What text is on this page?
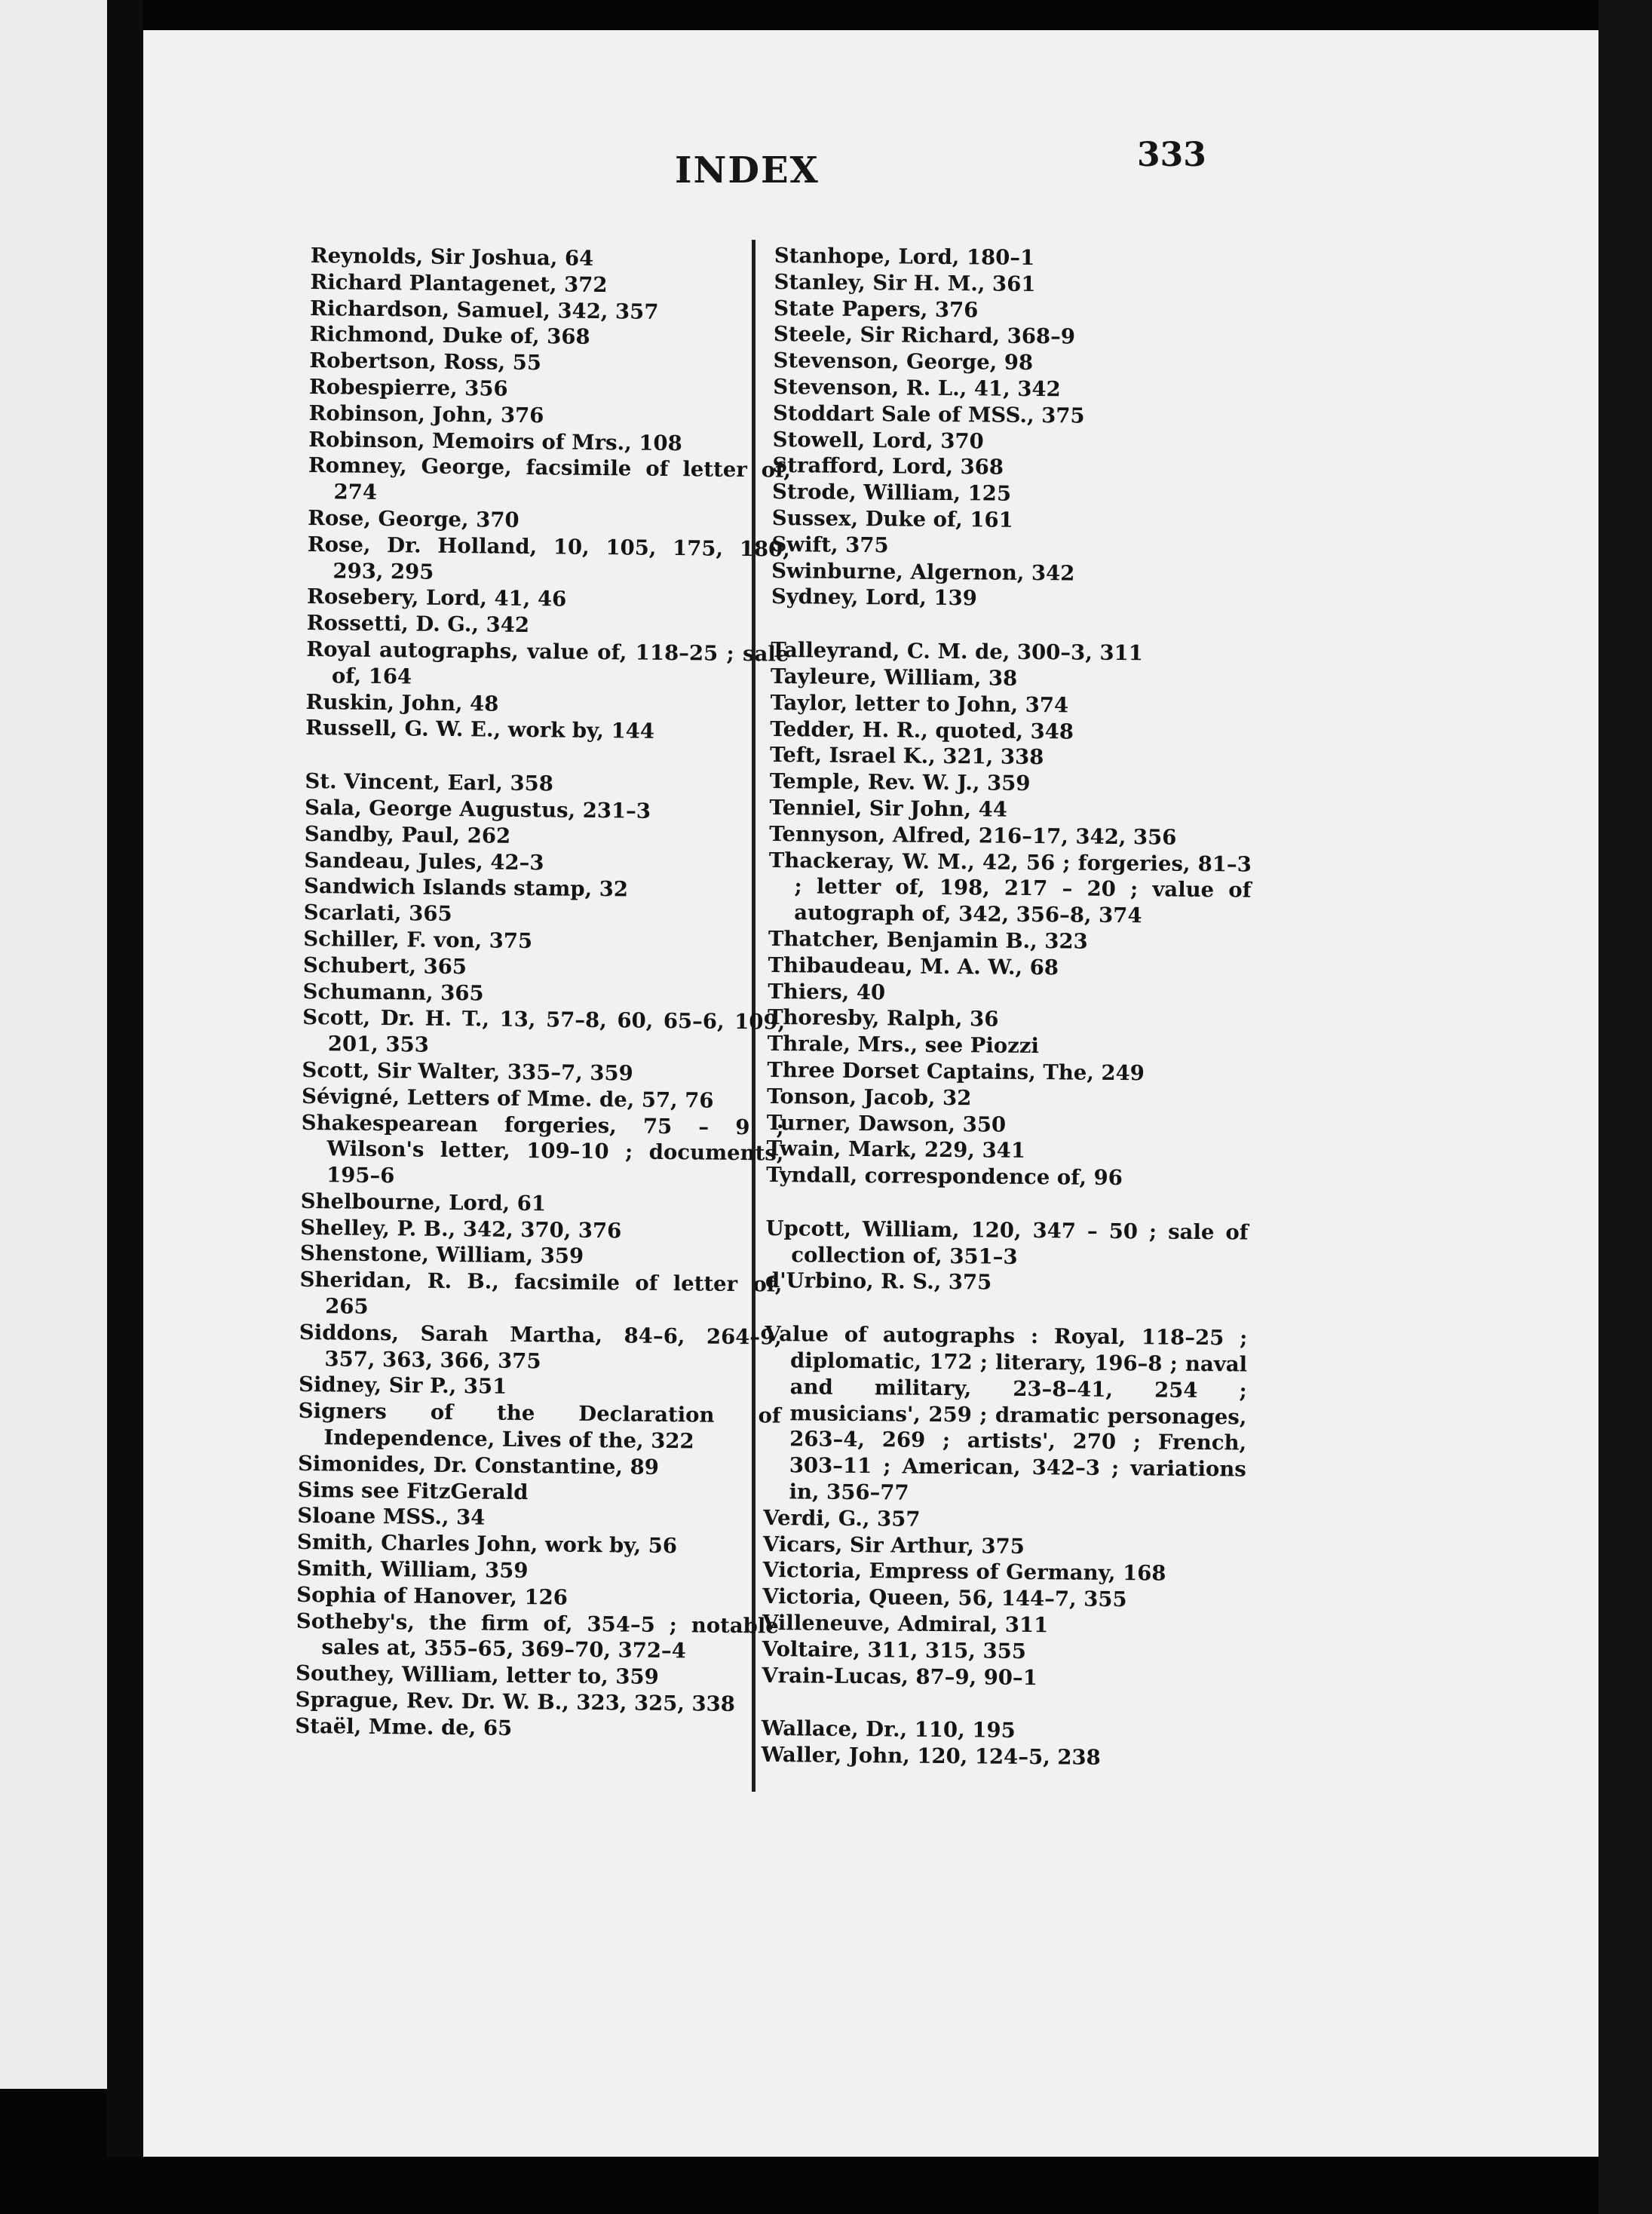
INDEX	333
Reynolds, Sir Joshua, 64
Richard Plantagenet, 372
Richardson, Samuel, 342, 357
Richmond, Duke of, 368
Robertson, Ross, 55
Robespierre, 356
Robinson, John, 376
Robinson, Memoirs of Mrs., 108
Romney, George, facsimile of letter of, 274
Rose, George, 370
Rose, Dr. Holland, 10, 105, 175, 180, 293, 295
Rosebery, Lord, 41, 46
Rossetti, D. G., 342
Royal autographs, value of, 118–25 ; sale of, 164
Ruskin, John, 48
Russell, G. W. E., work by, 144
St. Vincent, Earl, 358
Sala, George Augustus, 231–3
Sandby, Paul, 262
Sandeau, Jules, 42–3
Sandwich Islands stamp, 32
Scarlati, 365
Schiller, F. von, 375
Schubert, 365
Schumann, 365
Scott, Dr. H. T., 13, 57–8, 60, 65–6, 109, 201, 353
Scott, Sir Walter, 335–7, 359
Sévigné, Letters of Mme. de, 57, 76
Shakespearean forgeries, 75 – 9 ; Wilson's letter, 109–10 ; documents, 195–6
Shelbourne, Lord, 61
Shelley, P. B., 342, 370, 376
Shenstone, William, 359
Sheridan, R. B., facsimile of letter of, 265
Siddons, Sarah Martha, 84–6, 264–9, 357, 363, 366, 375
Sidney, Sir P., 351
Signers of the Declaration of Independence, Lives of the, 322
Simonides, Dr. Constantine, 89
Sims see FitzGerald
Sloane MSS., 34
Smith, Charles John, work by, 56
Smith, William, 359
Sophia of Hanover, 126
Sotheby's, the firm of, 354–5 ; notable sales at, 355–65, 369–70, 372–4
Southey, William, letter to, 359
Sprague, Rev. Dr. W. B., 323, 325, 338
Staël, Mme. de, 65
Stanhope, Lord, 180–1
Stanley, Sir H. M., 361
State Papers, 376
Steele, Sir Richard, 368–9
Stevenson, George, 98
Stevenson, R. L., 41, 342
Stoddart Sale of MSS., 375
Stowell, Lord, 370
Strafford, Lord, 368
Strode, William, 125
Sussex, Duke of, 161
Swift, 375
Swinburne, Algernon, 342
Sydney, Lord, 139
Talleyrand, C. M. de, 300–3, 311
Tayleure, William, 38
Taylor, letter to John, 374
Tedder, H. R., quoted, 348
Teft, Israel K., 321, 338
Temple, Rev. W. J., 359
Tenniel, Sir John, 44
Tennyson, Alfred, 216–17, 342, 356
Thackeray, W. M., 42, 56 ; forgeries, 81–3 ; letter of, 198, 217 – 20 ; value of autograph of, 342, 356–8, 374
Thatcher, Benjamin B., 323
Thibaudeau, M. A. W., 68
Thiers, 40
Thoresby, Ralph, 36
Thrale, Mrs., see Piozzi
Three Dorset Captains, The, 249
Tonson, Jacob, 32
Turner, Dawson, 350
Twain, Mark, 229, 341
Tyndall, correspondence of, 96
Upcott, William, 120, 347 – 50 ; sale of collection of, 351–3
d'Urbino, R. S., 375
Value of autographs : Royal, 118–25 ; diplomatic, 172 ; literary, 196–8 ; naval and military, 23–8–41, 254 ; musicians', 259 ; dramatic personages, 263–4, 269 ; artists', 270 ; French, 303–11 ; American, 342–3 ; variations in, 356–77
Verdi, G., 357
Vicars, Sir Arthur, 375
Victoria, Empress of Germany, 168
Victoria, Queen, 56, 144–7, 355
Villeneuve, Admiral, 311
Voltaire, 311, 315, 355
Vrain-Lucas, 87–9, 90–1
Wallace, Dr., 110, 195
Waller, John, 120, 124–5, 238
